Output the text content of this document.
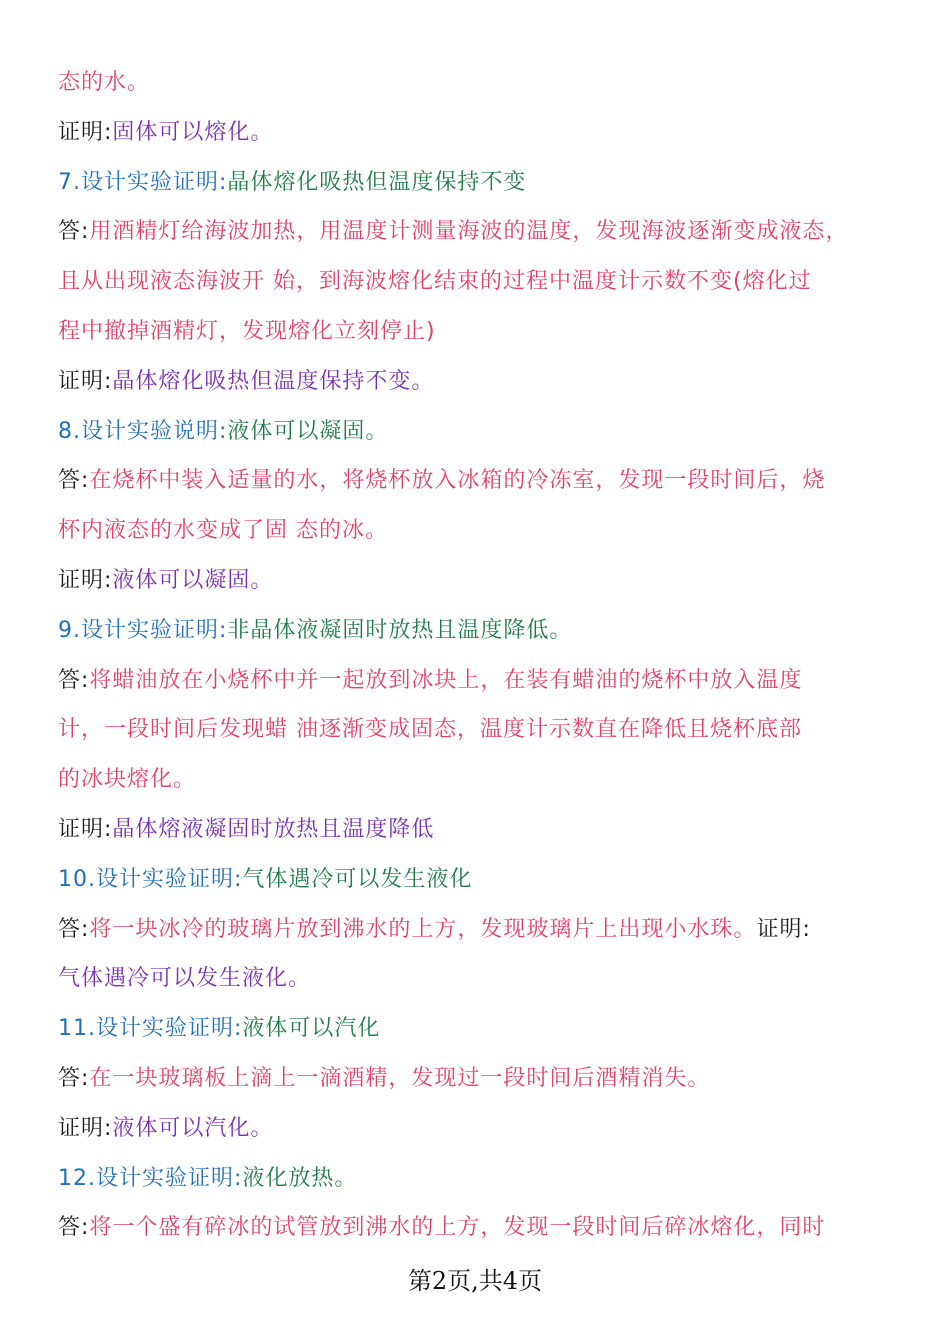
态的水。
证明:固体可以熔化。
7.设计实验证明:晶体熔化吸热但温度保持不变
答:用酒精灯给海波加热，用温度计测量海波的温度，发现海波逐渐变成液态，
且从出现液态海波开 始，到海波熔化结束的过程中温度计示数不变(熔化过
程中撤掉酒精灯，发现熔化立刻停止)
证明:晶体熔化吸热但温度保持不变。
8.设计实验说明:液体可以凝固。
答:在烧杯中装入适量的水，将烧杯放入冰箱的冷冻室，发现一段时间后，烧
杯内液态的水变成了固 态的冰。
证明:液体可以凝固。
9.设计实验证明:非晶体液凝固时放热且温度降低。
答:将蜡油放在小烧杯中并一起放到冰块上，在装有蜡油的烧杯中放入温度
计，一段时间后发现蜡 油逐渐变成固态，温度计示数直在降低且烧杯底部
的冰块熔化。
证明:晶体熔液凝固时放热且温度降低
10.设计实验证明:气体遇冷可以发生液化
答:将一块冰冷的玻璃片放到沸水的上方，发现玻璃片上出现小水珠。证明:
气体遇冷可以发生液化。
11.设计实验证明:液体可以汽化
答:在一块玻璃板上滴上一滴酒精，发现过一段时间后酒精消失。
证明:液体可以汽化。
12.设计实验证明:液化放热。
答:将一个盛有碎冰的试管放到沸水的上方，发现一段时间后碎冰熔化，同时
第2页,共4页
